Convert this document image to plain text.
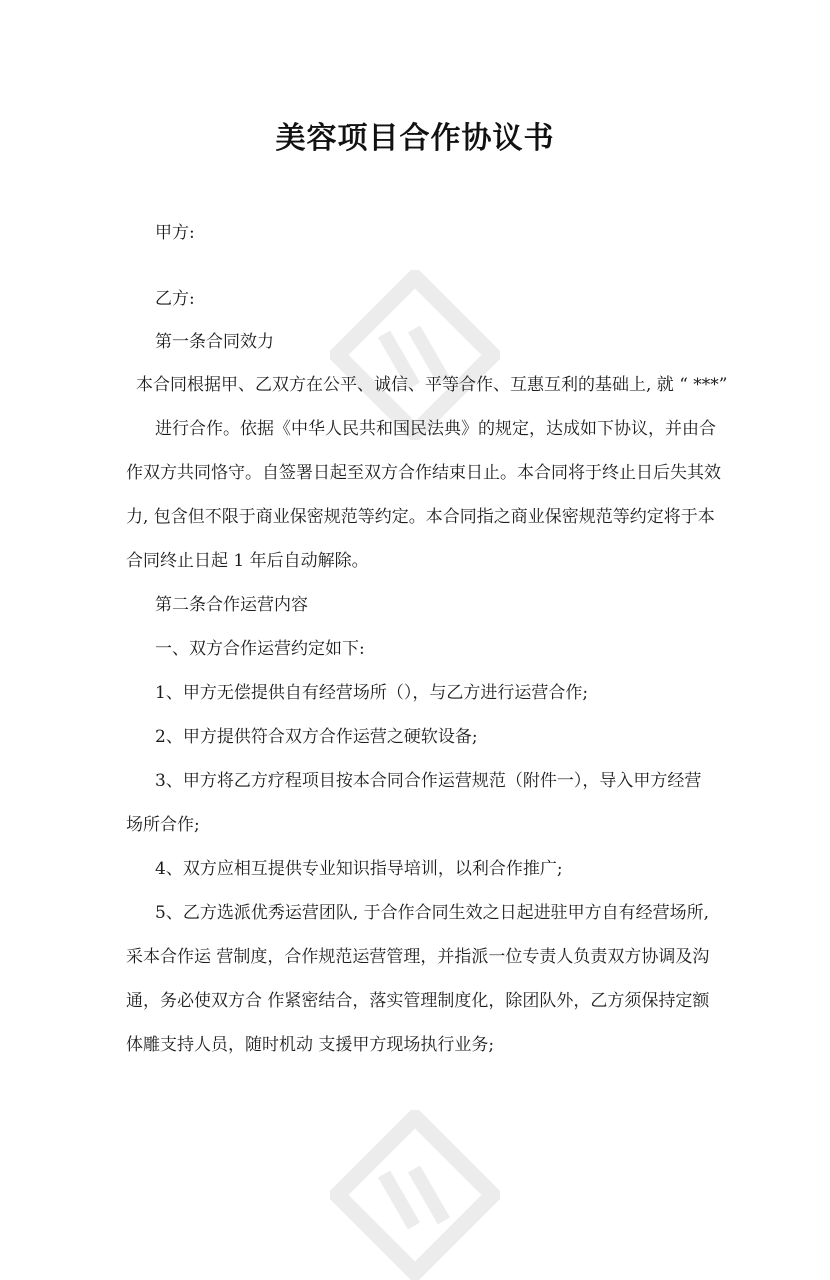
美容项目合作协议书
甲方:
乙方:
第一条合同效力
本合同根据甲、乙双方在公平、诚信、平等合作、互惠互利的基础上, 就 “ ***”
进行合作。依据《中华人民共和国民法典》的规定，达成如下协议，并由合
作双方共同恪守。自签署日起至双方合作结束日止。本合同将于终止日后失其效
力, 包含但不限于商业保密规范等约定。本合同指之商业保密规范等约定将于本
合同终止日起 1 年后自动解除。
第二条合作运营内容
一、双方合作运营约定如下:
1、甲方无偿提供自有经营场所（），与乙方进行运营合作;
2、甲方提供符合双方合作运营之硬软设备;
3、甲方将乙方疗程项目按本合同合作运营规范（附件一），导入甲方经营
场所合作;
4、双方应相互提供专业知识指导培训，以利合作推广;
5、乙方选派优秀运营团队, 于合作合同生效之日起进驻甲方自有经营场所,
采本合作运 营制度，合作规范运营管理，并指派一位专责人负责双方协调及沟
通，务必使双方合 作紧密结合，落实管理制度化，除团队外，乙方须保持定额
体雕支持人员，随时机动 支援甲方现场执行业务;
